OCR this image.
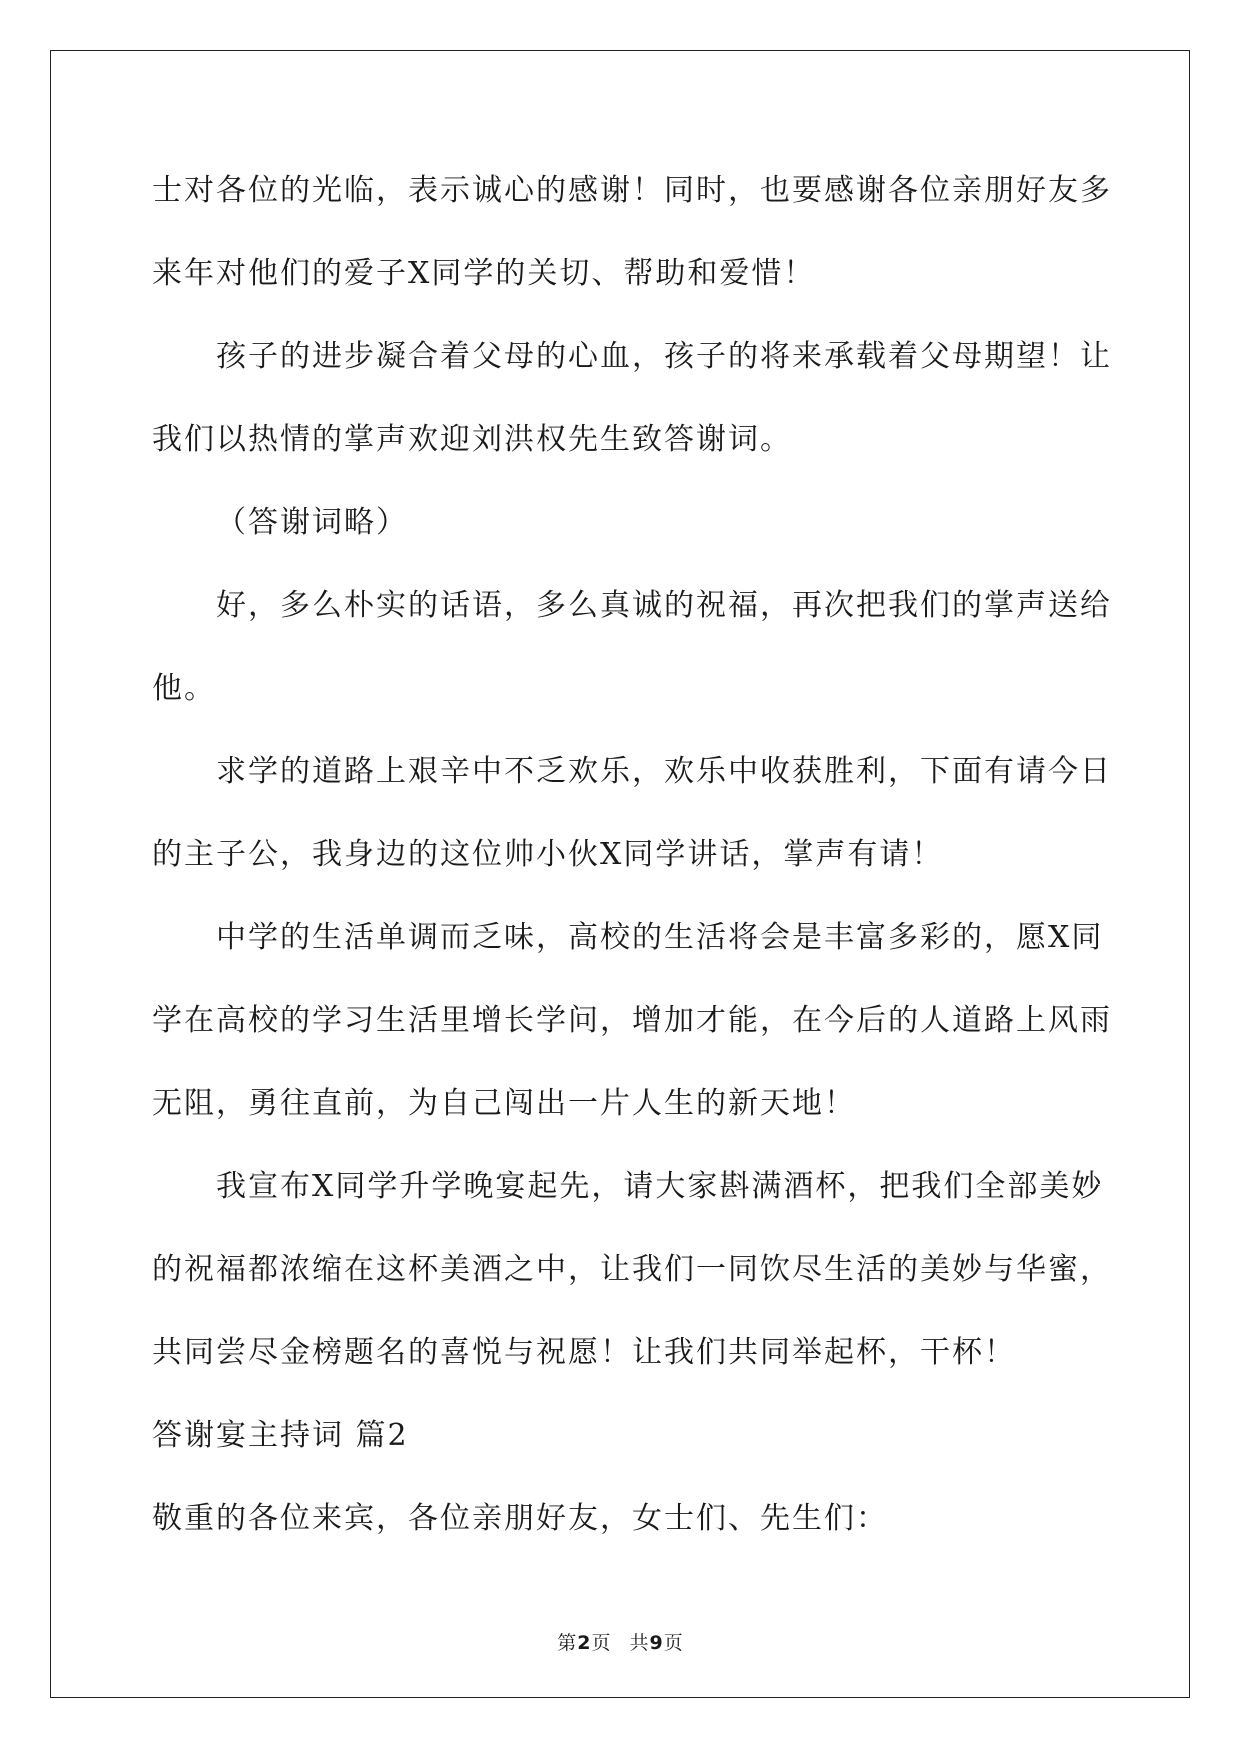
士对各位的光临，表示诚心的感谢！同时，也要感谢各位亲朋好友多
来年对他们的爱子X同学的关切、帮助和爱惜！
孩子的进步凝合着父母的心血，孩子的将来承载着父母期望！让
我们以热情的掌声欢迎刘洪权先生致答谢词。
（答谢词略）
好，多么朴实的话语，多么真诚的祝福，再次把我们的掌声送给
他。
求学的道路上艰辛中不乏欢乐，欢乐中收获胜利，下面有请今日
的主子公，我身边的这位帅小伙X同学讲话，掌声有请！
中学的生活单调而乏味，高校的生活将会是丰富多彩的，愿X同
学在高校的学习生活里增长学问，增加才能，在今后的人道路上风雨
无阻，勇往直前，为自己闯出一片人生的新天地！
我宣布X同学升学晚宴起先，请大家斟满酒杯，把我们全部美妙
的祝福都浓缩在这杯美酒之中，让我们一同饮尽生活的美妙与华蜜，
共同尝尽金榜题名的喜悦与祝愿！让我们共同举起杯，干杯！
答谢宴主持词 篇2
敬重的各位来宾，各位亲朋好友，女士们、先生们：
第2页 共9页
